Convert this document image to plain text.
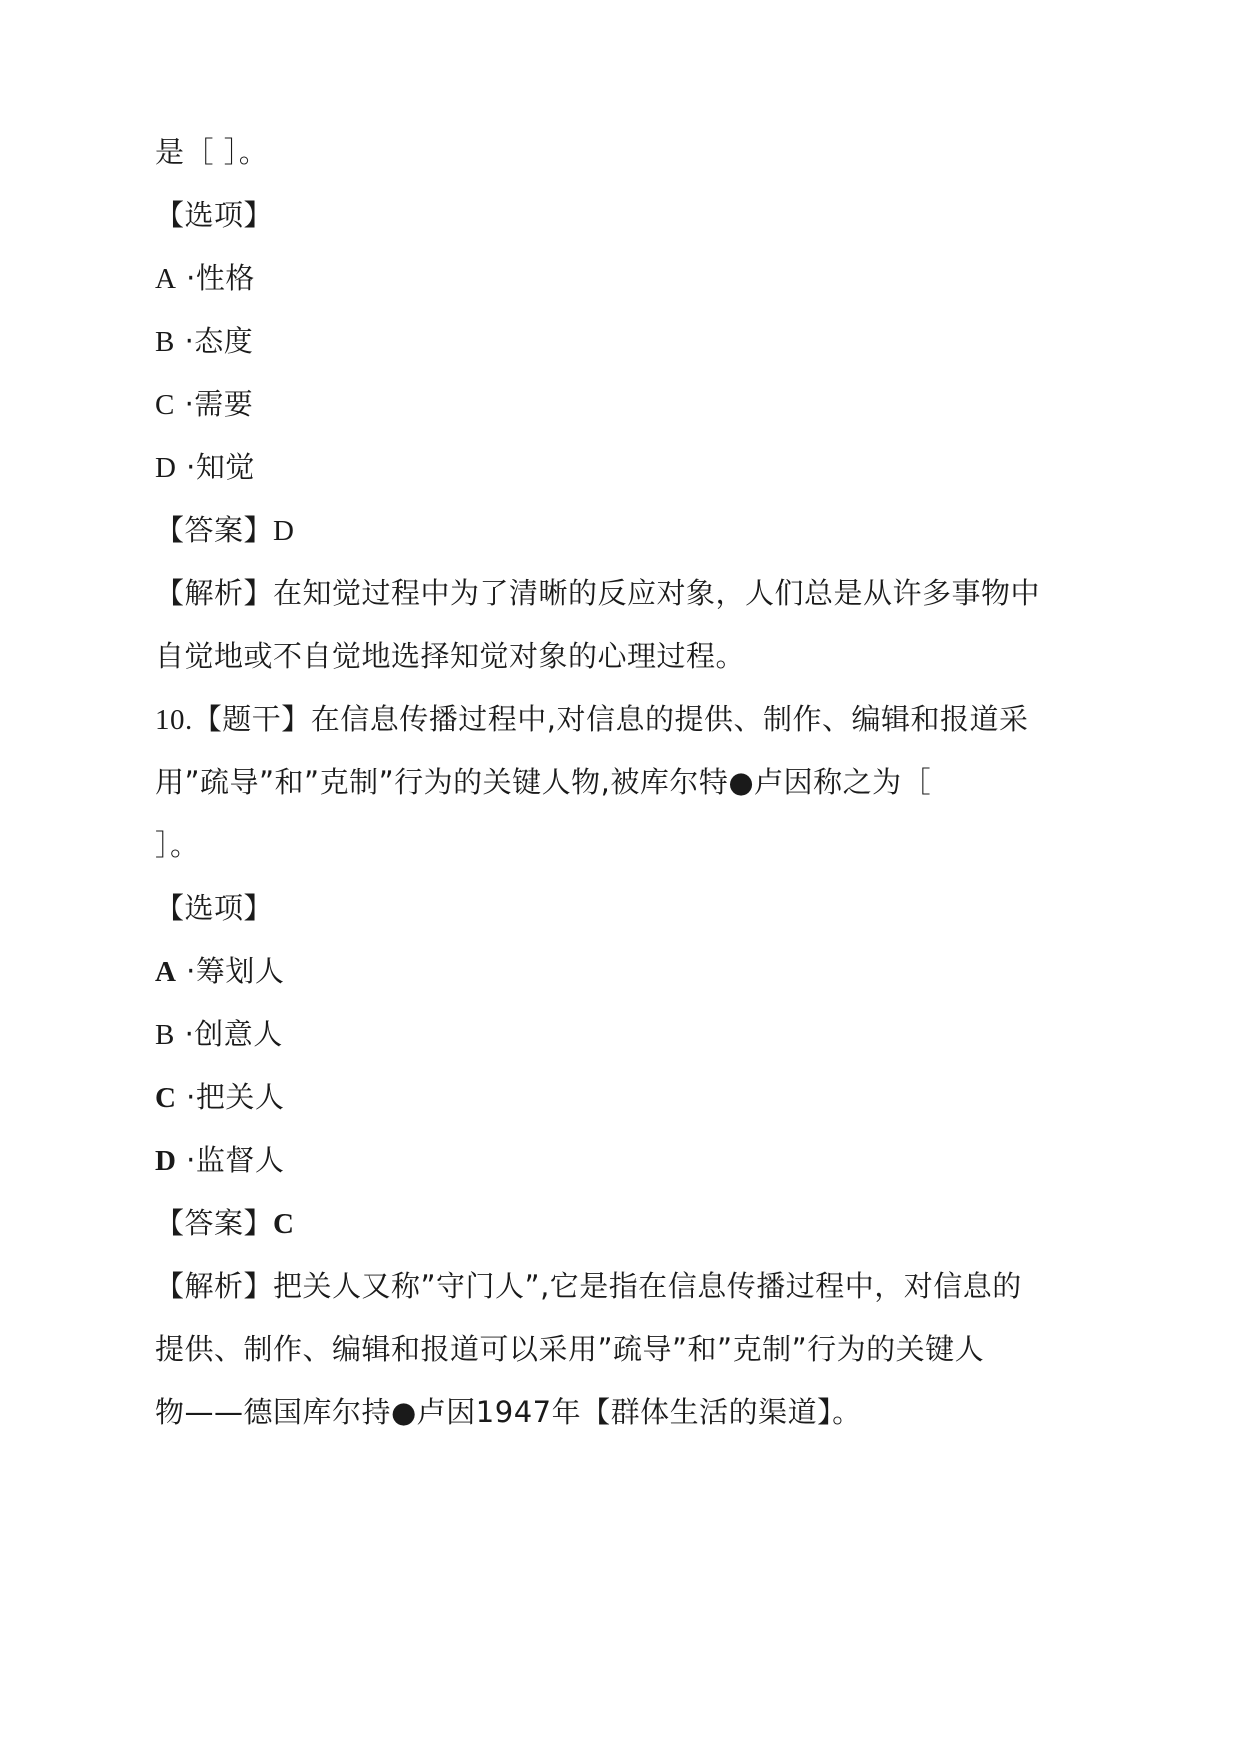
是［ ］。
【选项】
A ·性格
B ·态度
C ·需要
D ·知觉
【答案】D
【解析】在知觉过程中为了清晰的反应对象，人们总是从许多事物中
自觉地或不自觉地选择知觉对象的心理过程。
10.【题干】在信息传播过程中,对信息的提供、制作、编辑和报道采
用”疏导”和”克制”行为的关键人物,被库尔特●卢因称之为［
］。
【选项】
A ·筹划人
B ·创意人
C ·把关人
D ·监督人
【答案】C
【解析】把关人又称”守门人”,它是指在信息传播过程中，对信息的
提供、制作、编辑和报道可以采用”疏导”和”克制”行为的关键人
物——德国库尔持●卢因1947年【群体生活的渠道】。
